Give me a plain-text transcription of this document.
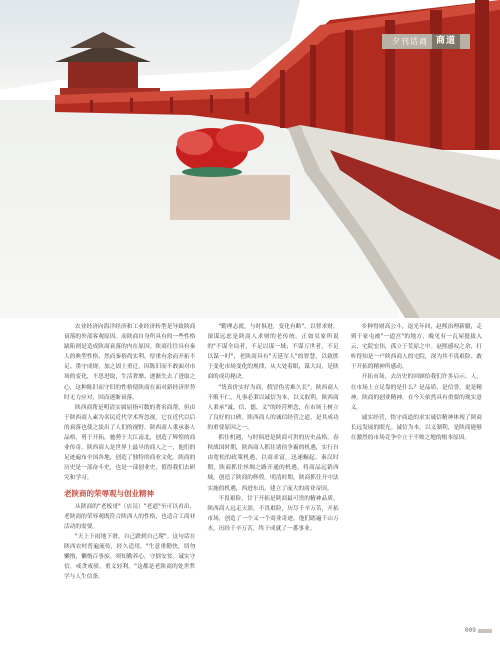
夕刊话商 商道

农业经济向海洋经济和工业经济转型是导致陕商衰落的外部客观原因。而陕商自身所具有的一些性格缺陷则是造成陕商衰落的内在原因。陕商往往具有秦人的典型性格，然而秦俗尚实利、厚重有余而开拓不足、墨守成规，加之固土重迁，因陈旧而不敢面对市场的变化，不思进取，生活奢靡，逐渐失去了进取之心，这种陈旧而守旧的性格使陕商在面对新经济形势时无力应对，因而逐渐衰落。

陕西商帮是明清实属屈指可数的著名商帮，但由于陕西商人素为名民近代学术所忽视，它在近代以后的衰落也使之淡出了人们的视野。陕西商人秉承秦人品格，勇于开拓，驰骋于大江南北，创造了辉煌的商业传奇。陕西商人是世界上最早的商人之一，他们的足迹遍布全国各地，创造了独特的商业文化。陕商的历史是一部奋斗史，也是一部创业史，值得我们去研究和学习。

老陕商的荣辱观与创业精神

从陕商的"老板哥"（店员）"老道"至可以看出，老陕商的荣辱观既符合陕西人的性格，也适合工商业活动的需要。

"天上下雨地下滑，自己跌到自己爬"。这句话在陕西农村普遍流传，经久适用，"生意重勤快，切勿懒惰，懒惰百事废。须知勤养心，守拙安贫。诚实守信，戒贪戒骄，重义轻利。"这都是老陕商的处世哲学与人生信条。

"勤理志就，与时俱进，变化有略"，以智求财，深谋远虑是陕商人求财的老传统。正如吴家所说的"不谋全局者，不足以谋一域；不谋万世者，不足以谋一时"，老陕商具有"天延军人"的智慧，以致胜于变化市场变化的规律，从大处着眼，谋大局，是陕商的成功秘诀。

"货真价实好为商，假冒伪劣难久长"。陕西商人不贩不仁，凡事必秉以诚信为本，以义取利，陕西商人秉承"诚、信、德、义"的经营理念，在市场上树立了良好的口碑。陕西商人的诚信经营之道，是其成功的重要原因之一。

抓住机遇，与时俱进是陕商可贵的历史品格。春秋战国时期，陕西商人抓住诸侯争霸的机遇，实行自由宽松的政策机遇，以商求富，迅速崛起。秦汉时期，陕商抓住丝绸之路开通的机遇，将商品远销西域，创造了陕商的辉煌。明清时期，陕商抓住开中法实施的机遇，西进东出，建立了庞大的商业帝国。

不畏艰险，甘于开拓是陕商最可贵的精神品质。陕西商人远走天涯，不畏艰险，历尽千辛万苦，开拓市场，创造了一个又一个商业奇迹。他们踏遍千山万水，历经千辛万苦，终于成就了一番事业。

乡种得财高公斗，退光年间，赵熙治理新疆，走到干家屯被"一道宫"的地方，晚见有一瓦屋挺拔入云，宅院宏伟，孤立于荒原之中。赵熙感叹之余，打听得知是一户陕西商人的宅院，深为其不畏艰险、敢于开拓的精神所感动。

开拓市场，去历史的回顾给我们许多启示。人，在市场上立足靠的是什么？是品质，是信誉，更是精神。陕商的创业精神，在今天依然具有重要的现实意义。

诚实经营，恪守商道的求实诚信精神体现了陕商长远发展的眼光。诚信为本，以义制利，是陕商能够在激烈的市场竞争中立于不败之地的根本原因。

009
